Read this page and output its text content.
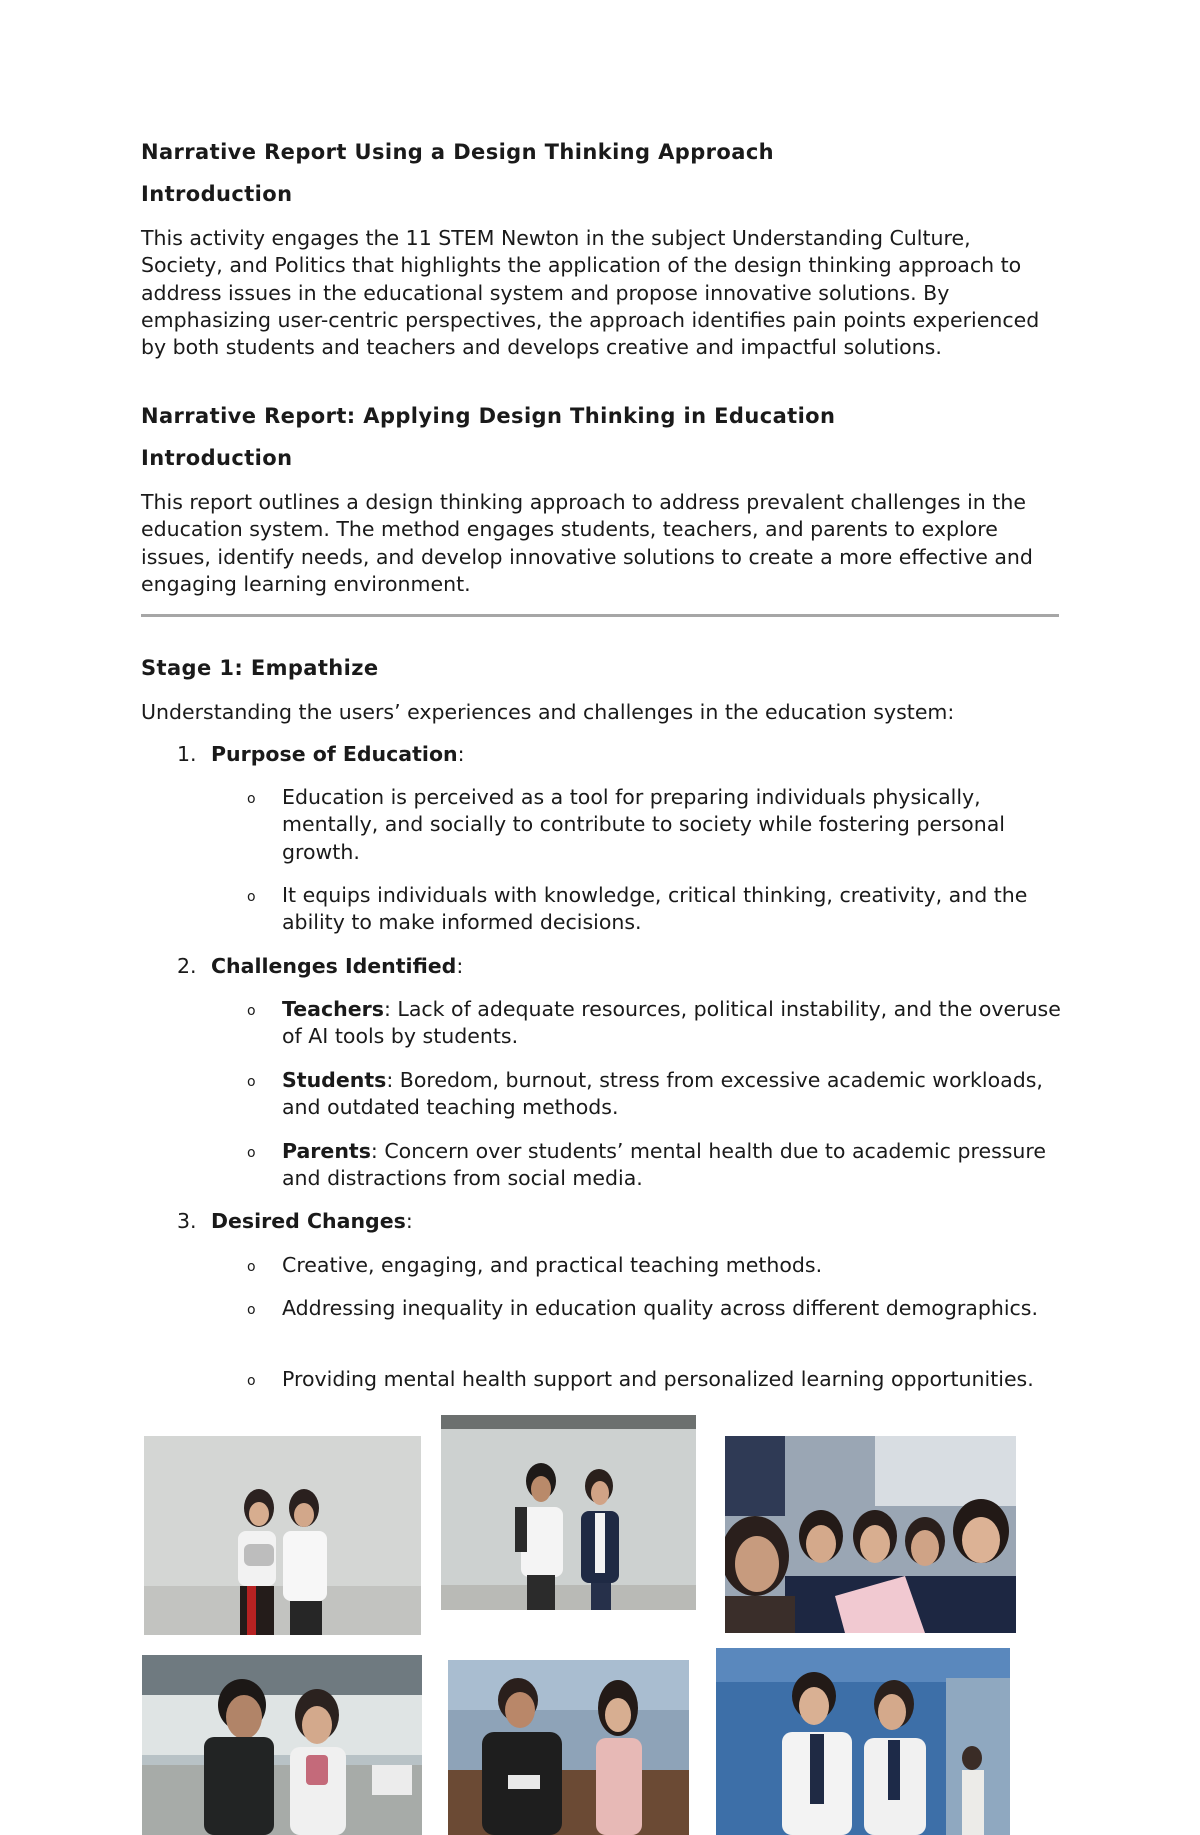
Narrative Report Using a Design Thinking Approach
Introduction
This activity engages the 11 STEM Newton in the subject Understanding Culture, Society, and Politics that highlights the application of the design thinking approach to address issues in the educational system and propose innovative solutions. By emphasizing user-centric perspectives, the approach identifies pain points experienced by both students and teachers and develops creative and impactful solutions.
Narrative Report: Applying Design Thinking in Education
Introduction
This report outlines a design thinking approach to address prevalent challenges in the education system. The method engages students, teachers, and parents to explore issues, identify needs, and develop innovative solutions to create a more effective and engaging learning environment.
Stage 1: Empathize
Understanding the users’ experiences and challenges in the education system:
1. Purpose of Education:
o Education is perceived as a tool for preparing individuals physically, mentally, and socially to contribute to society while fostering personal growth.
o It equips individuals with knowledge, critical thinking, creativity, and the ability to make informed decisions.
2. Challenges Identified:
o Teachers: Lack of adequate resources, political instability, and the overuse of AI tools by students.
o Students: Boredom, burnout, stress from excessive academic workloads, and outdated teaching methods.
o Parents: Concern over students’ mental health due to academic pressure and distractions from social media.
3. Desired Changes:
o Creative, engaging, and practical teaching methods.
o Addressing inequality in education quality across different demographics.
o Providing mental health support and personalized learning opportunities.
